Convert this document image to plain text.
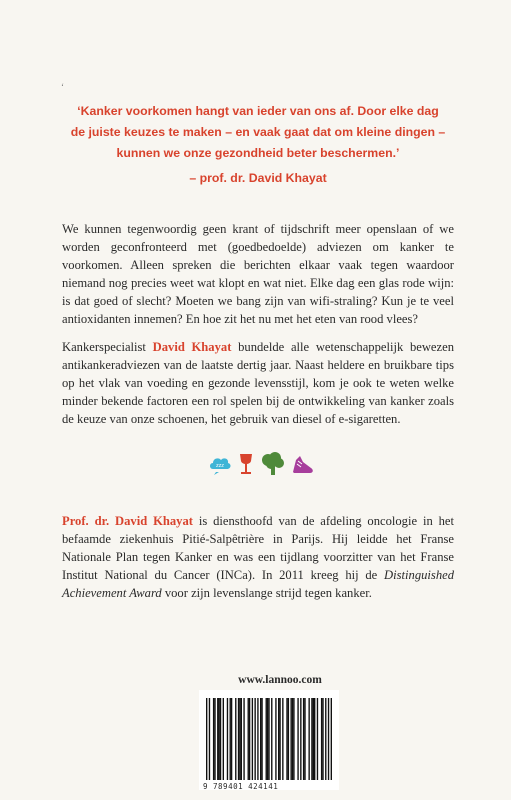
‘
‘Kanker voorkomen hangt van ieder van ons af. Door elke dag
de juiste keuzes te maken – en vaak gaat dat om kleine dingen –
kunnen we onze gezondheid beter beschermen.’
– prof. dr. David Khayat
We kunnen tegenwoordig geen krant of tijdschrift meer openslaan of we worden geconfronteerd met (goedbedoelde) adviezen om kanker te voorkomen. Alleen spreken die berichten elkaar vaak tegen waardoor niemand nog precies weet wat klopt en wat niet. Elke dag een glas rode wijn: is dat goed of slecht? Moeten we bang zijn van wifi-straling? Kun je te veel antioxidanten innemen? En hoe zit het nu met het eten van rood vlees?
Kankerspecialist David Khayat bundelde alle wetenschappelijk bewezen antikankeradviezen van de laatste dertig jaar. Naast heldere en bruikbare tips op het vlak van voeding en gezonde levensstijl, kom je ook te weten welke minder bekende factoren een rol spelen bij de ontwikkeling van kanker zoals de keuze van onze schoenen, het gebruik van diesel of e-sigaretten.
zzz
Prof. dr. David Khayat is diensthoofd van de afdeling oncologie in het befaamde ziekenhuis Pitié-Salpêtrière in Parijs. Hij leidde het Franse Nationale Plan tegen Kanker en was een tijdlang voorzitter van het Franse Institut National du Cancer (INCa). In 2011 kreeg hij de Distinguished Achievement Award voor zijn levenslange strijd tegen kanker.
www.lannoo.com
9 789401 424141
